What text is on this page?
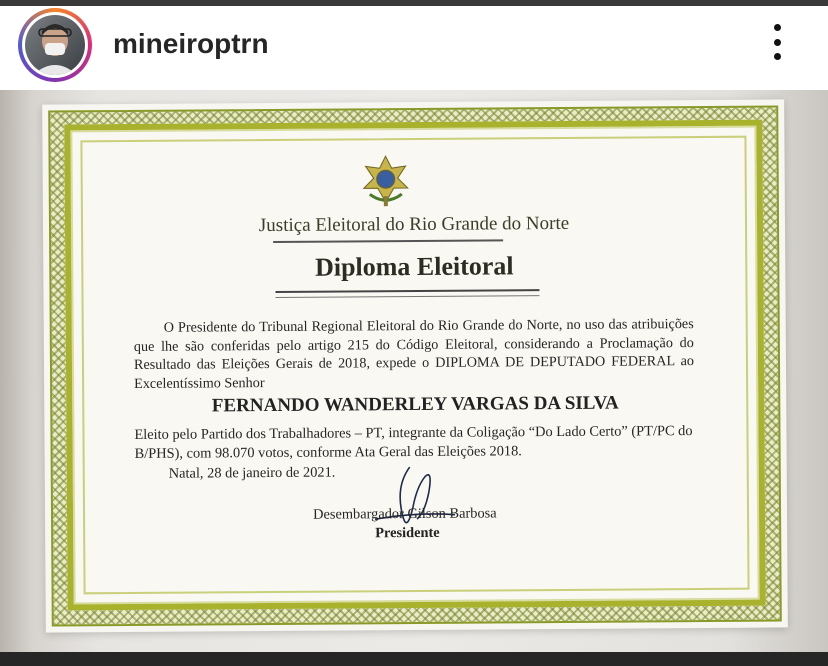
mineiroptrn
Justiça Eleitoral do Rio Grande do Norte
Diploma Eleitoral

O Presidente do Tribunal Regional Eleitoral do Rio Grande do Norte, no uso das atribuições que lhe são conferidas pelo artigo 215 do Código Eleitoral, considerando a Proclamação do Resultado das Eleições Gerais de 2018, expede o DIPLOMA DE DEPUTADO FEDERAL ao Excelentíssimo Senhor

FERNANDO WANDERLEY VARGAS DA SILVA
Eleito pelo Partido dos Trabalhadores – PT, integrante da Coligação “Do Lado Certo” (PT/PC do B/PHS), com 98.070 votos, conforme Ata Geral das Eleições 2018.
Natal, 28 de janeiro de 2021.
Desembargador Gilson Barbosa
Presidente
